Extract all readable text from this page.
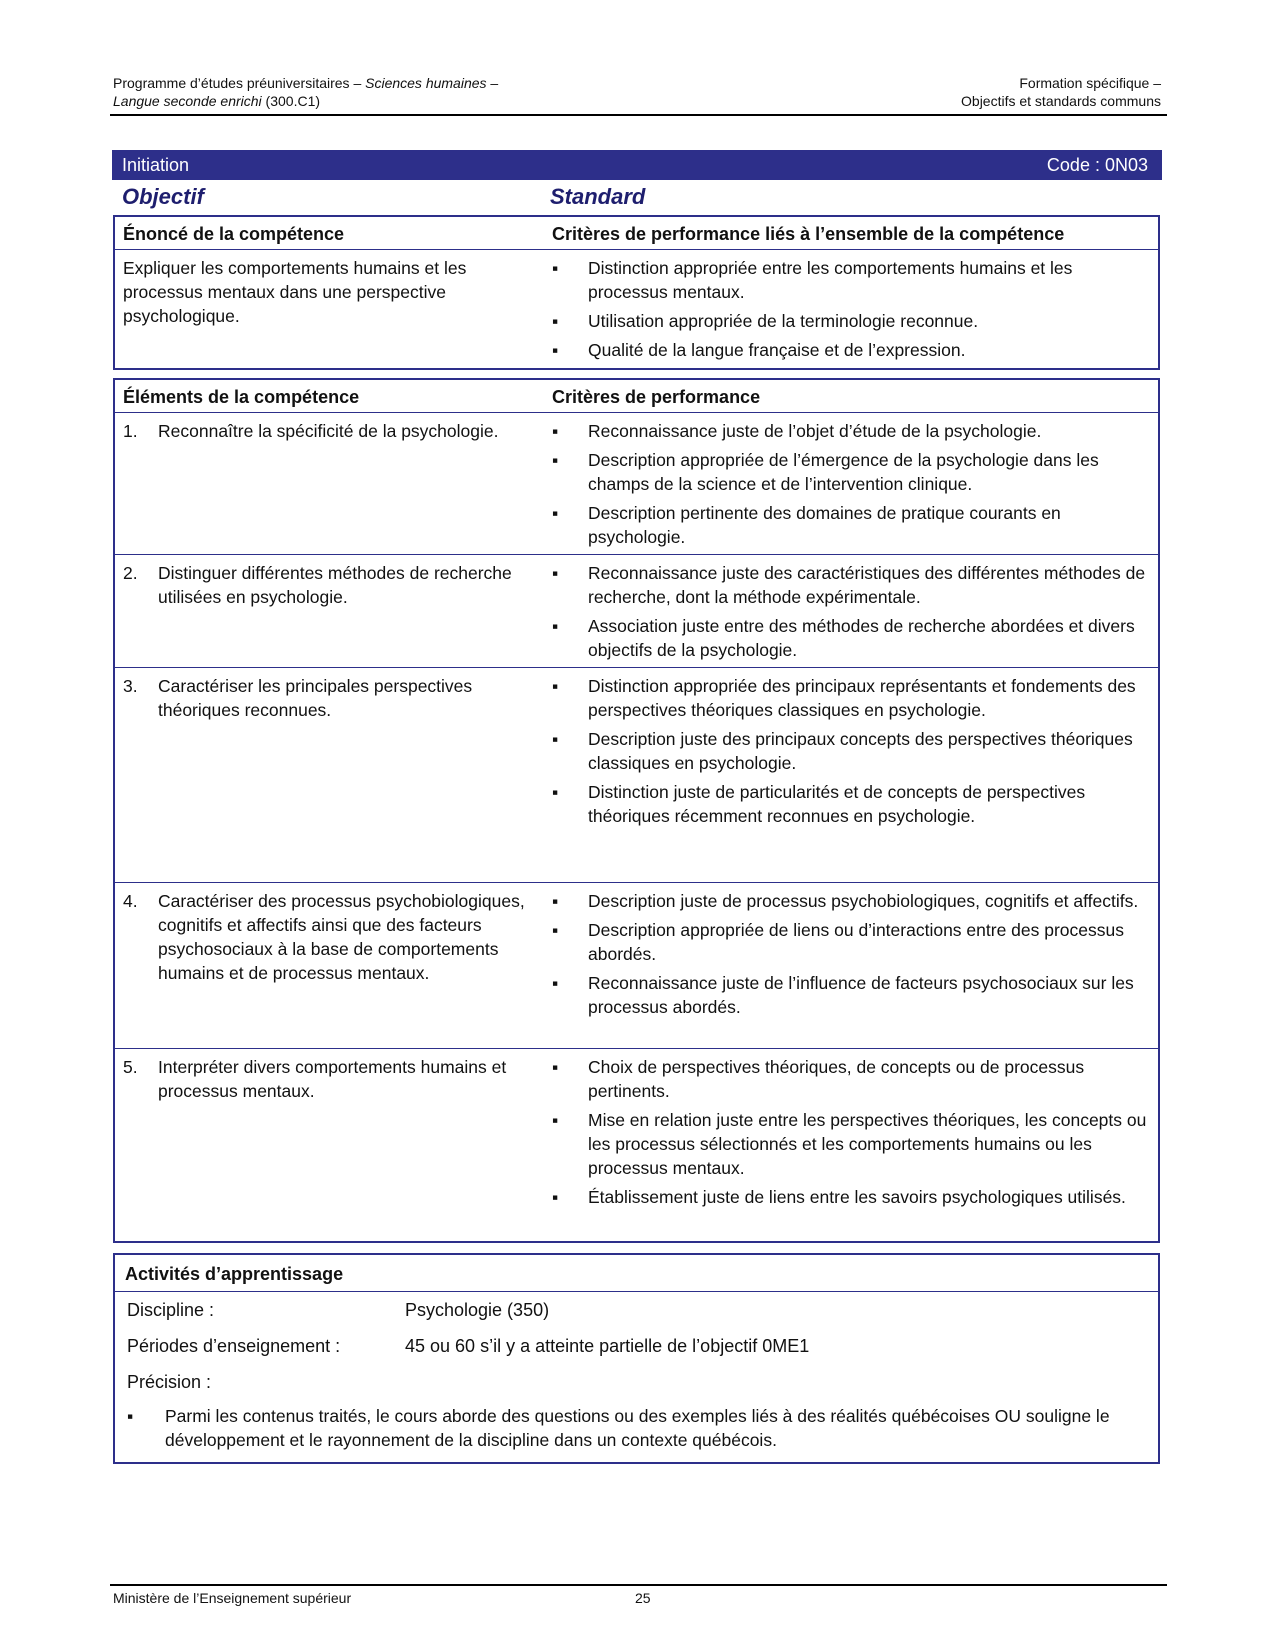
Programme d’études préuniversitaires – Sciences humaines –
Langue seconde enrichi (300.C1)
Formation spécifique –
Objectifs et standards communs
Initiation	Code : 0N03
Objectif	Standard
Énoncé de la compétence	Critères de performance liés à l’ensemble de la compétence
Expliquer les comportements humains et les processus mentaux dans une perspective psychologique.
▪ Distinction appropriée entre les comportements humains et les processus mentaux.
▪ Utilisation appropriée de la terminologie reconnue.
▪ Qualité de la langue française et de l’expression.
Éléments de la compétence	Critères de performance
1.	Reconnaître la spécificité de la psychologie.	▪ Reconnaissance juste de l’objet d’étude de la psychologie.
▪ Description appropriée de l’émergence de la psychologie dans les champs de la science et de l’intervention clinique.
▪ Description pertinente des domaines de pratique courants en psychologie.
2.	Distinguer différentes méthodes de recherche utilisées en psychologie.
▪ Reconnaissance juste des caractéristiques des différentes méthodes de recherche, dont la méthode expérimentale.
▪ Association juste entre des méthodes de recherche abordées et divers objectifs de la psychologie.
3.	Caractériser les principales perspectives théoriques reconnues.
▪ Distinction appropriée des principaux représentants et fondements des perspectives théoriques classiques en psychologie.
▪ Description juste des principaux concepts des perspectives théoriques classiques en psychologie.
▪ Distinction juste de particularités et de concepts de perspectives théoriques récemment reconnues en psychologie.
4.	Caractériser des processus psychobiologiques, cognitifs et affectifs ainsi que des facteurs psychosociaux à la base de comportements humains et de processus mentaux.
▪ Description juste de processus psychobiologiques, cognitifs et affectifs.
▪ Description appropriée de liens ou d’interactions entre des processus abordés.
▪ Reconnaissance juste de l’influence de facteurs psychosociaux sur les processus abordés.
5.	Interpréter divers comportements humains et processus mentaux.
▪ Choix de perspectives théoriques, de concepts ou de processus pertinents.
▪ Mise en relation juste entre les perspectives théoriques, les concepts ou les processus sélectionnés et les comportements humains ou les processus mentaux.
▪ Établissement juste de liens entre les savoirs psychologiques utilisés.
Activités d’apprentissage
Discipline :	Psychologie (350)
Périodes d’enseignement :	45 ou 60 s’il y a atteinte partielle de l’objectif 0ME1
Précision :
▪ Parmi les contenus traités, le cours aborde des questions ou des exemples liés à des réalités québécoises OU souligne le développement et le rayonnement de la discipline dans un contexte québécois.
Ministère de l’Enseignement supérieur	25
